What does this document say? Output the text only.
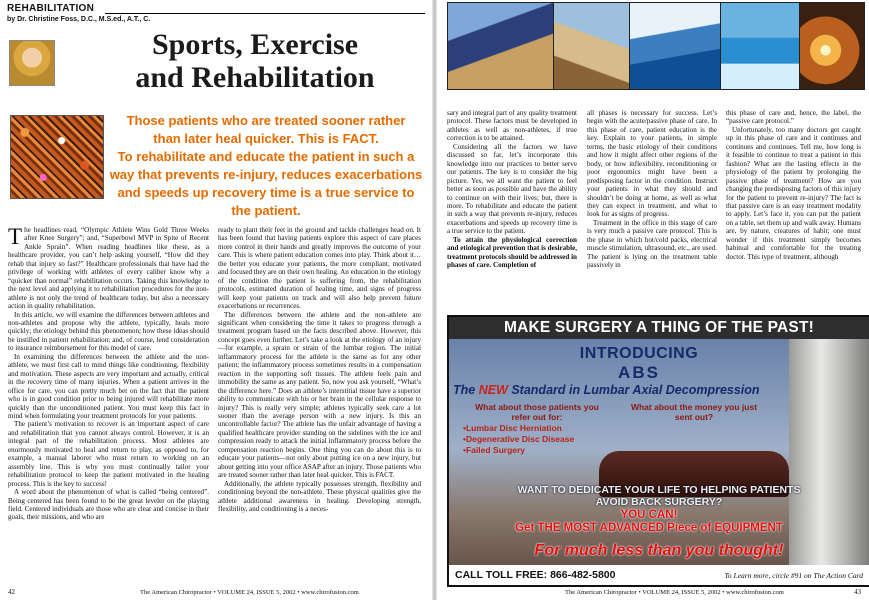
REHABILITATION
by Dr. Christine Foss, D.C., M.S.ed., A.T., C.
Sports, Exercise
and Rehabilitation
Those patients who are treated sooner rather
than later heal quicker. This is FACT.
To rehabilitate and educate the patient in such a
way that prevents re-injury, reduces exacerbations
and speeds up recovery time is a true service to
the patient.

The headlines read, “Olympic Athlete Wins Gold Three Weeks after Knee Surgery”; and, “Superbowl MVP in Spite of Recent Ankle Sprain”. When reading headlines like these, as a healthcare provider, you can’t help asking yourself, “How did they rehab that injury so fast?” Healthcare professionals that have had the privilege of working with athletes of every caliber know why a “quicker than normal” rehabilitation occurs. Taking this knowledge to the next level and applying it to rehabilitation procedures for the non-athlete is not only the trend of healthcare today, but also a necessary action in quality rehabilitation.

In this article, we will examine the differences between athletes and non-athletes and propose why the athlete, typically, heals more quickly; the etiology behind this phenomenon; how these ideas should be instilled in patient rehabilitation; and, of course, lend consideration to insurance reimbursement for this model of care.

In examining the differences between the athlete and the non-athlete, we must first call to mind things like conditioning, flexibility and motivation. These aspects are very important and actually, critical in the recovery time of many injuries. When a patient arrives in the office for care, you can pretty much bet on the fact that the patient who is in good condition prior to being injured will rehabilitate more quickly than the unconditioned patient. You must keep this fact in mind when formulating your treatment protocols for your patients.

The patient’s motivation to recover is an important aspect of care and rehabilitation that you cannot always control. However, it is an integral part of the rehabilitation process. Most athletes are enormously motivated to heal and return to play, as opposed to, for example, a manual laborer who must return to working on an assembly line. This is why you must continually tailor your rehabilitation protocol to keep the patient motivated in the healing process. This is the key to success!

A word about the phenomenon of what is called “being centered”. Being centered has been found to be the great leveler on the playing field. Centered individuals are those who are clear and concise in their goals, their missions, and who are

ready to plant their feet in the ground and tackle challenges head on. It has been found that having patients explore this aspect of care places more control in their hands and greatly improves the outcome of your care. This is where patient education comes into play. Think about it…the better you educate your patients, the more compliant, motivated and focused they are on their own healing. An education in the etiology of the condition the patient is suffering from, the rehabilitation protocols, estimated duration of healing time, and signs of progress will keep your patients on track and will also help prevent future exacerbations or recurrences.

The differences between the athlete and the non-athlete are significant when considering the time it takes to progress through a treatment program based on the facts described above. However, this concept goes even further. Let’s take a look at the etiology of an injury—for example, a sprain or strain of the lumbar region. The initial inflammatory process for the athlete is the same as for any other patient; the inflammatory process sometimes results in a compensation reaction in the supporting soft tissues. The athlete feels pain and immobility the same as any patient. So, now you ask yourself, “What’s the difference here.” Does an athlete’s interstitial tissue have a superior ability to communicate with his or her brain in the cellular response to injury? This is really very simple; athletes typically seek care a lot sooner than the average person with a new injury. Is this an uncontrollable factor? The athlete has the unfair advantage of having a qualified healthcare provider standing on the sidelines with the ice and compression ready to attack the initial inflammatory process before the compensation reaction begins. One thing you can do about this is to educate your patients—not only about putting ice on a new injury, but about getting into your office ASAP after an injury. Those patients who are treated sooner rather than later heal quicker. This is FACT.

Additionally, the athlete typically possesses strength, flexibility and conditioning beyond the non-athlete. These physical qualities give the athlete additional awareness in healing. Developing strength, flexibility, and conditioning is a neces-

42	The American Chiropractor • VOLUME 24, ISSUE 5, 2002 • www.chirofusion.com

sary and integral part of any quality treatment protocol. These factors must be developed in athletes as well as non-athletes, if true correction is to be attained.

Considering all the factors we have discussed so far, let’s incorporate this knowledge into our practices to better serve our patients. The key is to consider the big picture. Yes, we all want the patient to feel better as soon as possible and have the ability to continue on with their lives; but, there is more. To rehabilitate and educate the patient in such a way that prevents re-injury, reduces exacerbations and speeds up recovery time is a true service to the patient.

To attain the physiological correction and etiological prevention that is desirable, treatment protocols should be addressed in phases of care. Completion of

all phases is necessary for success. Let’s begin with the acute/passive phase of care. In this phase of care, patient education is the key. Explain to your patients, in simple terms, the basic etiology of their conditions and how it might affect other regions of the body, or how inflexibility, reconditioning or poor ergonomics might have been a predisposing factor in the condition. Instruct your patients in what they should and shouldn’t be doing at home, as well as what they can expect in treatment, and what to look for as signs of progress.

Treatment in the office in this stage of care is very much a passive care protocol. This is the phase in which hot/cold packs, electrical muscle stimulation, ultrasound, etc., are used. The patient is lying on the treatment table passively in

this phase of care and, hence, the label, the “passive care protocol.”

Unfortunately, too many doctors get caught up in this phase of care and it continues and continues and continues. Tell me, how long is it feasible to continue to treat a patient in this fashion? What are the lasting effects in the physiology of the patient by prolonging the passive phase of treatment? How are you changing the predisposing factors of this injury for the patient to prevent re-injury? The fact is that passive care is an easy treatment modality to apply. Let’s face it, you can put the patient on a table, set them up and walk away. Humans are, by nature, creatures of habit; one must wonder if this treatment simply becomes habitual and comfortable for the treating doctor. This type of treatment, although

MAKE SURGERY A THING OF THE PAST!
INTRODUCING
ABS
The NEW Standard in Lumbar Axial Decompression
What about those patients you refer out for:
What about the money you just sent out?
• Lumbar Disc Herniation
• Degenerative Disc Disease
• Failed Surgery
WANT TO DEDICATE YOUR LIFE TO HELPING PATIENTS AVOID BACK SURGERY?
YOU CAN!
Get THE MOST ADVANCED Piece of EQUIPMENT
For much less than you thought!
CALL TOLL FREE: 866-482-5800	To Learn more, circle #91 on The Action Card
The American Chiropractor • VOLUME 24, ISSUE 5, 2002 • www.chirofusion.com	43
